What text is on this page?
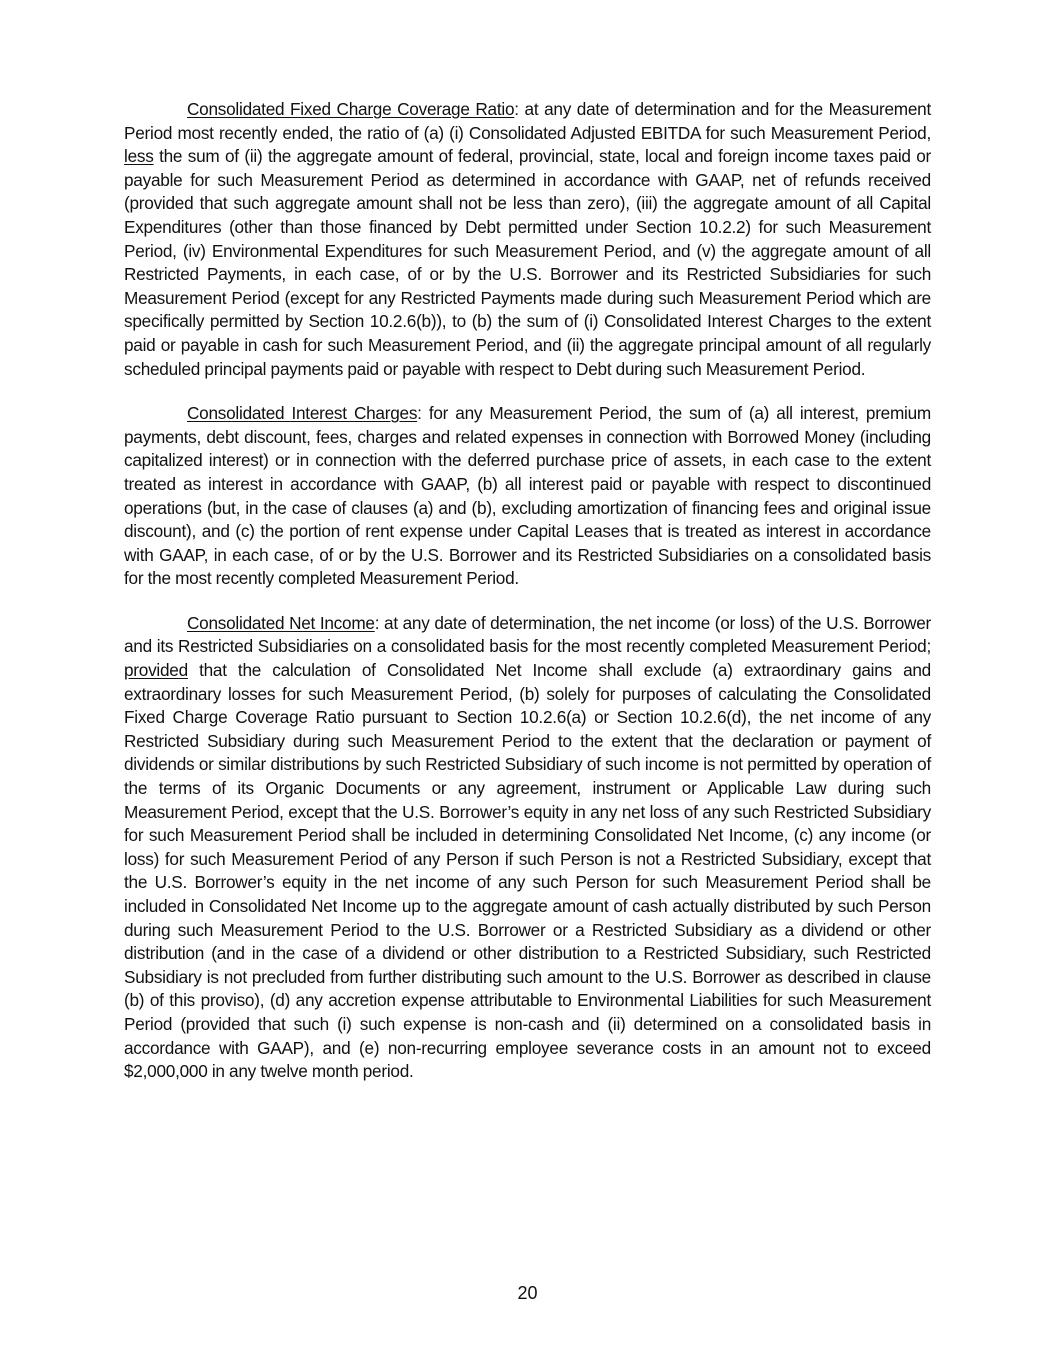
Consolidated Fixed Charge Coverage Ratio: at any date of determination and for the Measurement Period most recently ended, the ratio of (a) (i) Consolidated Adjusted EBITDA for such Measurement Period, less the sum of (ii) the aggregate amount of federal, provincial, state, local and foreign income taxes paid or payable for such Measurement Period as determined in accordance with GAAP, net of refunds received (provided that such aggregate amount shall not be less than zero), (iii) the aggregate amount of all Capital Expenditures (other than those financed by Debt permitted under Section 10.2.2) for such Measurement Period, (iv) Environmental Expenditures for such Measurement Period, and (v) the aggregate amount of all Restricted Payments, in each case, of or by the U.S. Borrower and its Restricted Subsidiaries for such Measurement Period (except for any Restricted Payments made during such Measurement Period which are specifically permitted by Section 10.2.6(b)), to (b) the sum of (i) Consolidated Interest Charges to the extent paid or payable in cash for such Measurement Period, and (ii) the aggregate principal amount of all regularly scheduled principal payments paid or payable with respect to Debt during such Measurement Period.

Consolidated Interest Charges: for any Measurement Period, the sum of (a) all interest, premium payments, debt discount, fees, charges and related expenses in connection with Borrowed Money (including capitalized interest) or in connection with the deferred purchase price of assets, in each case to the extent treated as interest in accordance with GAAP, (b) all interest paid or payable with respect to discontinued operations (but, in the case of clauses (a) and (b), excluding amortization of financing fees and original issue discount), and (c) the portion of rent expense under Capital Leases that is treated as interest in accordance with GAAP, in each case, of or by the U.S. Borrower and its Restricted Subsidiaries on a consolidated basis for the most recently completed Measurement Period.

Consolidated Net Income: at any date of determination, the net income (or loss) of the U.S. Borrower and its Restricted Subsidiaries on a consolidated basis for the most recently completed Measurement Period; provided that the calculation of Consolidated Net Income shall exclude (a) extraordinary gains and extraordinary losses for such Measurement Period, (b) solely for purposes of calculating the Consolidated Fixed Charge Coverage Ratio pursuant to Section 10.2.6(a) or Section 10.2.6(d), the net income of any Restricted Subsidiary during such Measurement Period to the extent that the declaration or payment of dividends or similar distributions by such Restricted Subsidiary of such income is not permitted by operation of the terms of its Organic Documents or any agreement, instrument or Applicable Law during such Measurement Period, except that the U.S. Borrower’s equity in any net loss of any such Restricted Subsidiary for such Measurement Period shall be included in determining Consolidated Net Income, (c) any income (or loss) for such Measurement Period of any Person if such Person is not a Restricted Subsidiary, except that the U.S. Borrower’s equity in the net income of any such Person for such Measurement Period shall be included in Consolidated Net Income up to the aggregate amount of cash actually distributed by such Person during such Measurement Period to the U.S. Borrower or a Restricted Subsidiary as a dividend or other distribution (and in the case of a dividend or other distribution to a Restricted Subsidiary, such Restricted Subsidiary is not precluded from further distributing such amount to the U.S. Borrower as described in clause (b) of this proviso), (d) any accretion expense attributable to Environmental Liabilities for such Measurement Period (provided that such (i) such expense is non-cash and (ii) determined on a consolidated basis in accordance with GAAP), and (e) non-recurring employee severance costs in an amount not to exceed $2,000,000 in any twelve month period.

20
